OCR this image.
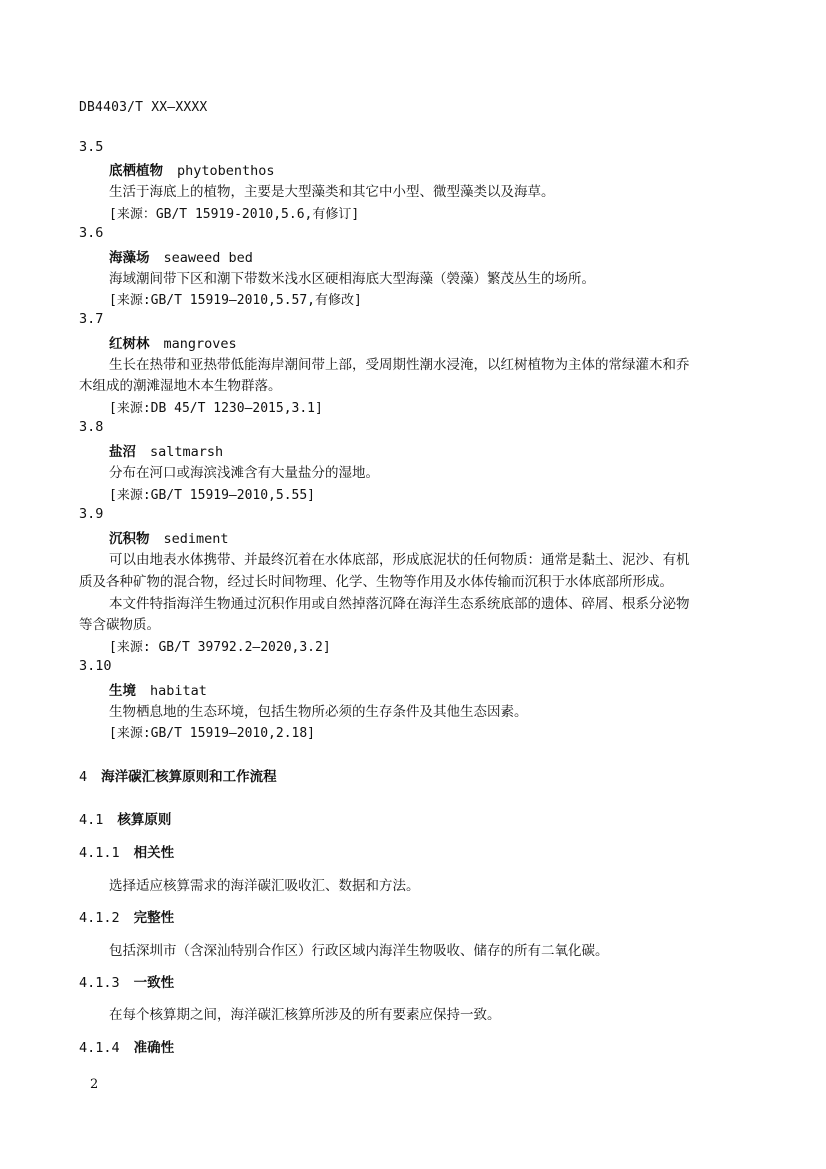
DB4403/T XX—XXXX
3.5
底栖植物 phytobenthos
生活于海底上的植物，主要是大型藻类和其它中小型、微型藻类以及海草。
[来源：GB/T 15919-2010,5.6,有修订]
3.6
海藻场 seaweed bed
海域潮间带下区和潮下带数米浅水区硬相海底大型海藻（褮藻）繁茂丛生的场所。
[来源:GB/T 15919—2010,5.57,有修改]
3.7
红树林 mangroves
生长在热带和亚热带低能海岸潮间带上部，受周期性潮水浸淹，以红树植物为主体的常绿灌木和乔
木组成的潮滩湿地木本生物群落。
[来源:DB 45/T 1230—2015,3.1]
3.8
盐沼 saltmarsh
分布在河口或海滨浅滩含有大量盐分的湿地。
[来源:GB/T 15919—2010,5.55]
3.9
沉积物 sediment
可以由地表水体携带、并最终沉着在水体底部，形成底泥状的任何物质：通常是黏土、泥沙、有机
质及各种矿物的混合物，经过长时间物理、化学、生物等作用及水体传输而沉积于水体底部所形成。
本文件特指海洋生物通过沉积作用或自然掉落沉降在海洋生态系统底部的遗体、碎屑、根系分泌物
等含碳物质。
[来源: GB/T 39792.2—2020,3.2]
3.10
生境 habitat
生物栖息地的生态环境，包括生物所必须的生存条件及其他生态因素。
[来源:GB/T 15919—2010,2.18]
4 海洋碳汇核算原则和工作流程
4.1 核算原则
4.1.1 相关性
选择适应核算需求的海洋碳汇吸收汇、数据和方法。
4.1.2 完整性
包括深圳市（含深汕特别合作区）行政区域内海洋生物吸收、储存的所有二氧化碳。
4.1.3 一致性
在每个核算期之间，海洋碳汇核算所涉及的所有要素应保持一致。
4.1.4 准确性
2
